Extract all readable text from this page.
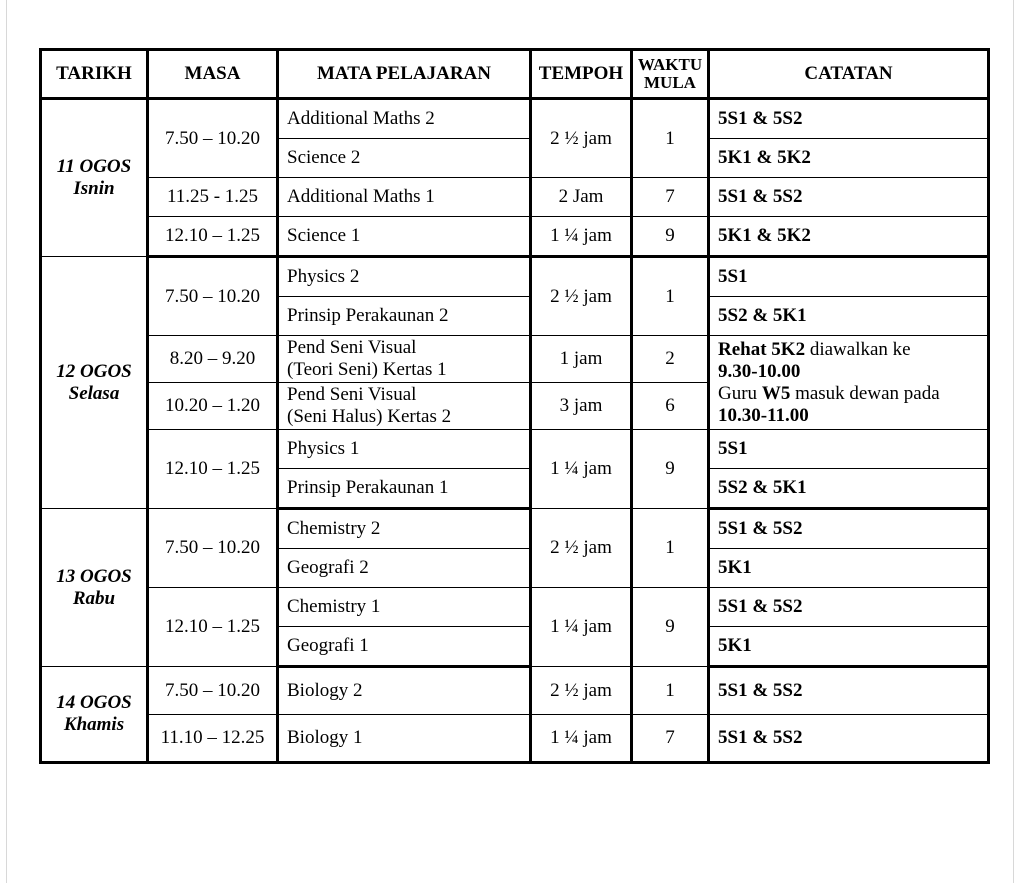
TARIKH	MASA	MATA PELAJARAN	TEMPOH	WAKTU
MULA	CATATAN

11 OGOS
Isnin	7.50 – 10.20	Additional Maths 2	2 ½ jam	1	5S1 & 5S2
		Science 2			5K1 & 5K2
	11.25 - 1.25	Additional Maths 1	2 Jam	7	5S1 & 5S2
	12.10 – 1.25	Science 1	1 ¼ jam	9	5K1 & 5K2

12 OGOS
Selasa	7.50 – 10.20	Physics 2	2 ½ jam	1	5S1
		Prinsip Perakaunan 2			5S2 & 5K1
	8.20 – 9.20	Pend Seni Visual
(Teori Seni) Kertas 1	1 jam	2	Rehat 5K2 diawalkan ke
9.30-10.00
Guru W5 masuk dewan pada
10.30-11.00
	10.20 – 1.20	Pend Seni Visual
(Seni Halus) Kertas 2	3 jam	6	
	12.10 – 1.25	Physics 1	1 ¼ jam	9	5S1
		Prinsip Perakaunan 1			5S2 & 5K1

13 OGOS
Rabu	7.50 – 10.20	Chemistry 2	2 ½ jam	1	5S1 & 5S2
		Geografi 2			5K1
	12.10 – 1.25	Chemistry 1	1 ¼ jam	9	5S1 & 5S2
		Geografi 1			5K1

14 OGOS
Khamis	7.50 – 10.20	Biology 2	2 ½ jam	1	5S1 & 5S2
	11.10 – 12.25	Biology 1	1 ¼ jam	7	5S1 & 5S2
